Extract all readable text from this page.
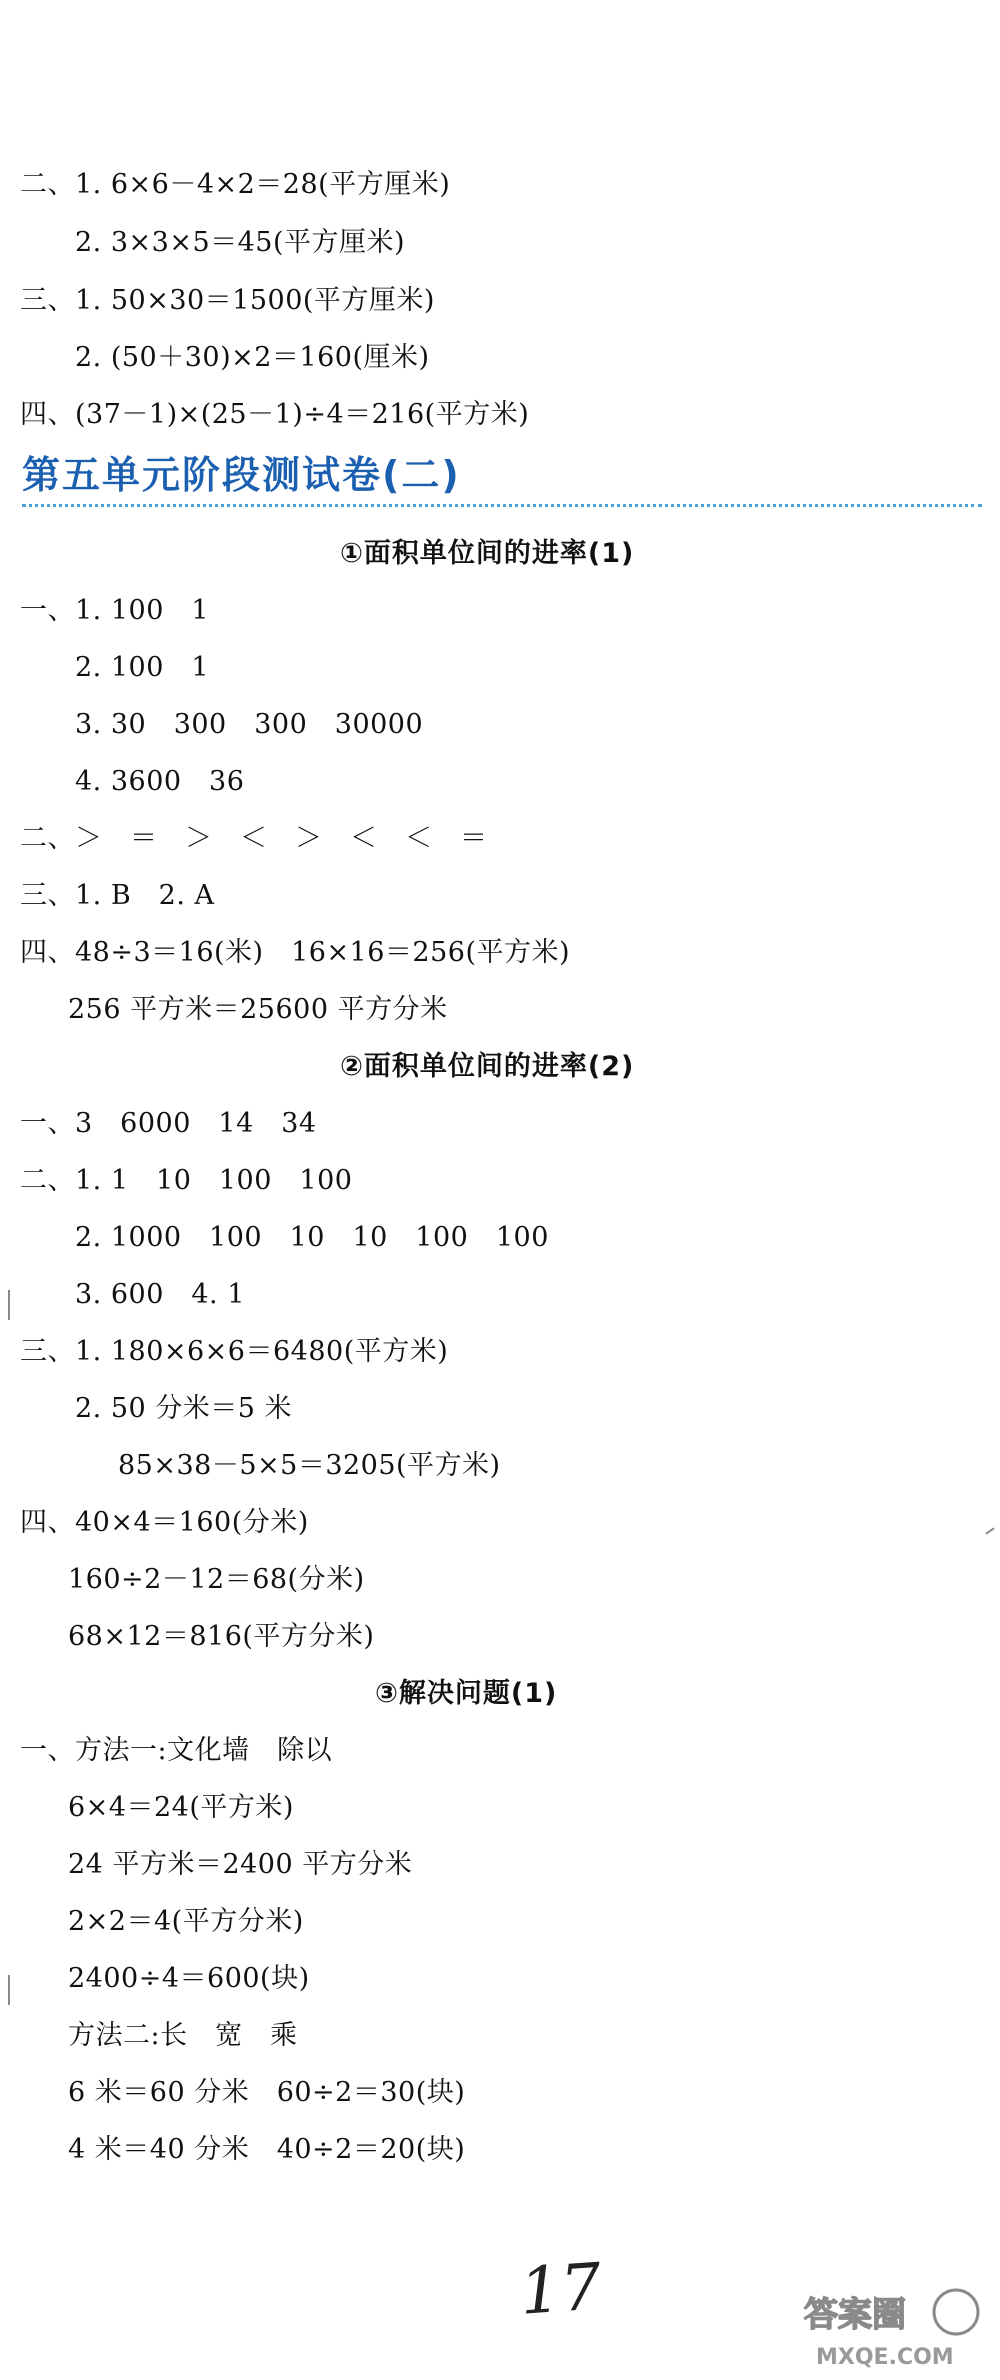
二、1. 6×6－4×2＝28(平方厘米)
2. 3×3×5＝45(平方厘米)
三、1. 50×30＝1500(平方厘米)
2. (50＋30)×2＝160(厘米)
四、(37－1)×(25－1)÷4＝216(平方米)
第五单元阶段测试卷(二)
①面积单位间的进率(1)
一、1. 100　1
2. 100　1
3. 30　300　300　30000
4. 3600　36
二、＞　＝　＞　＜　＞　＜　＜　＝
三、1. B　2. A
四、48÷3＝16(米)　16×16＝256(平方米)
256 平方米＝25600 平方分米
②面积单位间的进率(2)
一、3　6000　14　34
二、1. 1　10　100　100
2. 1000　100　10　10　100　100
3. 600　4. 1
三、1. 180×6×6＝6480(平方米)
2. 50 分米＝5 米
85×38－5×5＝3205(平方米)
四、40×4＝160(分米)
160÷2－12＝68(分米)
68×12＝816(平方分米)
③解决问题(1)
一、方法一:文化墙　除以
6×4＝24(平方米)
24 平方米＝2400 平方分米
2×2＝4(平方分米)
2400÷4＝600(块)
方法二:长　宽　乘
6 米＝60 分米　60÷2＝30(块)
4 米＝40 分米　40÷2＝20(块)
17	答案圈
MXQE.COM
